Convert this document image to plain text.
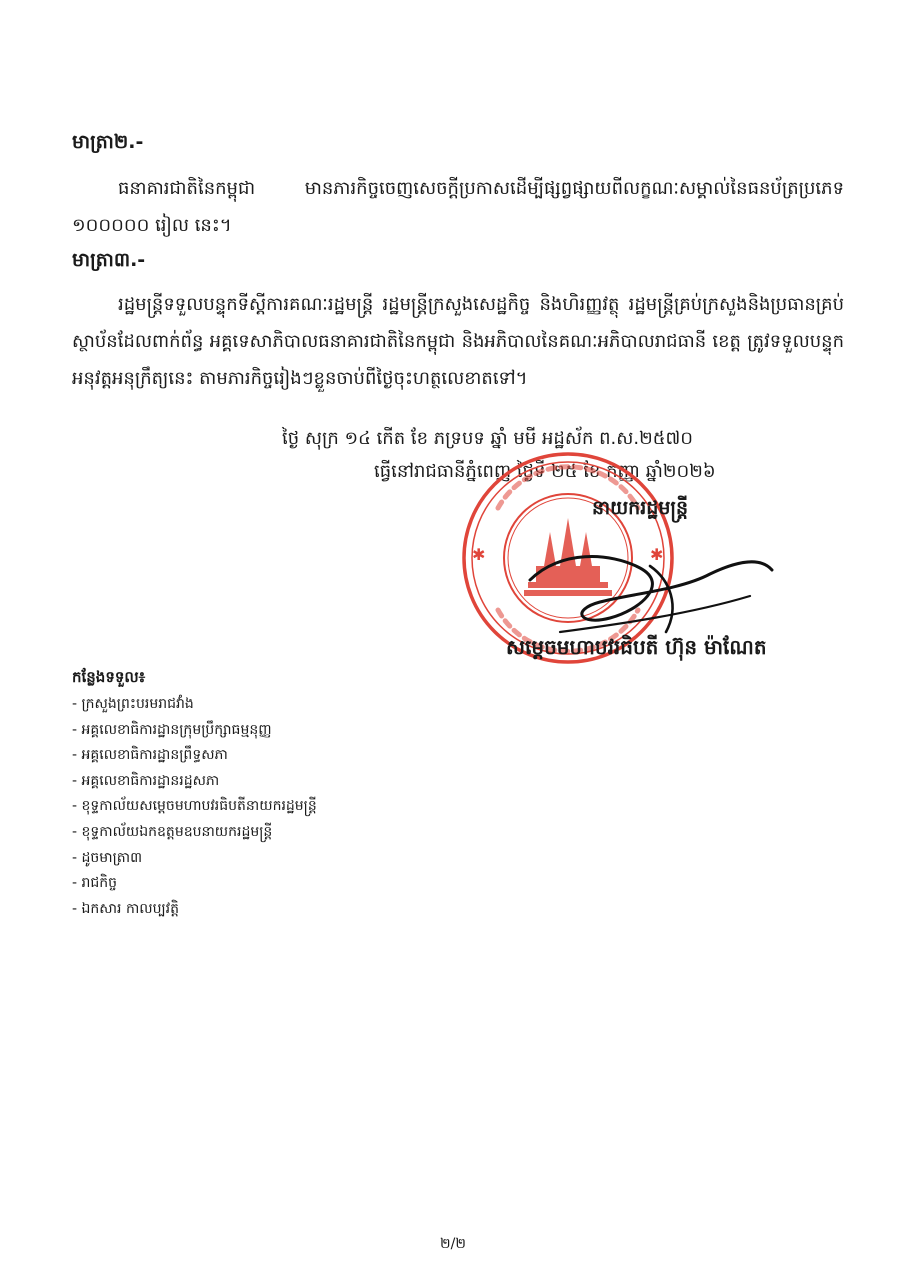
មាត្រា២.-
ធនាគារជាតិនៃកម្ពុជា មានភារកិច្ចចេញសេចក្តីប្រកាសដើម្បីផ្សព្វផ្សាយពីលក្ខណៈសម្គាល់នៃធនប័ត្រប្រភេទ ១០០០០០ រៀល នេះ។
មាត្រា៣.-
រដ្ឋមន្ត្រីទទួលបន្ទុកទីស្តីការគណៈរដ្ឋមន្ត្រី រដ្ឋមន្ត្រីក្រសួងសេដ្ឋកិច្ច និងហិរញ្ញវត្ថុ រដ្ឋមន្ត្រីគ្រប់ក្រសួងនិងប្រធានគ្រប់ស្ថាប័នដែលពាក់ព័ន្ធ អគ្គទេសាភិបាលធនាគារជាតិនៃកម្ពុជា និងអភិបាលនៃគណៈអភិបាលរាជធានី ខេត្ត ត្រូវទទួលបន្ទុកអនុវត្តអនុក្រឹត្យនេះ តាមភារកិច្ចរៀងៗខ្លួនចាប់ពីថ្ងៃចុះហត្ថលេខាតទៅ។
ថ្ងៃ សុក្រ ១៤ កើត ខែ ភទ្របទ ឆ្នាំ មមី អដ្ឋស័ក ព.ស.២៥៧០
ធ្វើនៅរាជធានីភ្នំពេញ ថ្ងៃទី ២៥ ខែ កញ្ញា ឆ្នាំ២០២៦
✱	✱
នាយករដ្ឋមន្ត្រី
សម្តេចមហាបវរធិបតី ហ៊ុន ម៉ាណែត
កន្លែងទទួល៖
- ក្រសួងព្រះបរមរាជវាំង
- អគ្គលេខាធិការដ្ឋានក្រុមប្រឹក្សាធម្មនុញ្ញ
- អគ្គលេខាធិការដ្ឋានព្រឹទ្ធសភា
- អគ្គលេខាធិការដ្ឋានរដ្ឋសភា
- ខុទ្ទកាល័យសម្តេចមហាបវរធិបតីនាយករដ្ឋមន្ត្រី
- ខុទ្ទកាល័យឯកឧត្តមឧបនាយករដ្ឋមន្ត្រី
- ដូចមាត្រា៣
- រាជកិច្ច
- ឯកសារ កាលប្បវត្តិ
២/២
